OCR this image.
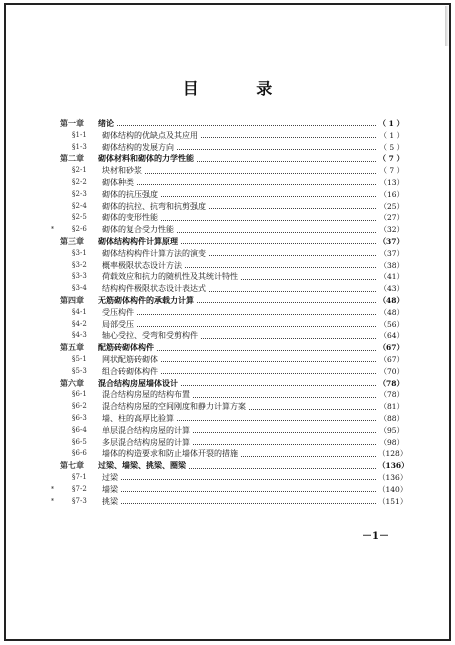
目 录
第一章	绪论	（ 1 ）
§1-1	砌体结构的优缺点及其应用	（ 1 ）
§1-3	砌体结构的发展方向	（ 5 ）
第二章	砌体材料和砌体的力学性能	（ 7 ）
§2-1	块材和砂浆	（ 7 ）
§2-2	砌体种类	（13）
§2-3	砌体的抗压强度	（16）
§2-4	砌体的抗拉、抗弯和抗剪强度	（25）
§2-5	砌体的变形性能	（27）
*	§2-6	砌体的复合受力性能	（32）
第三章	砌体结构构件计算原理	（37）
§3-1	砌体结构构件计算方法的演变	（37）
§3-2	概率极限状态设计方法	（38）
§3-3	荷载效应和抗力的随机性及其统计特性	（41）
§3-4	结构构件极限状态设计表达式	（43）
第四章	无筋砌体构件的承载力计算	（48）
§4-1	受压构件	（48）
§4-2	局部受压	（56）
§4-3	轴心受拉、受弯和受剪构件	（64）
第五章	配筋砖砌体构件	（67）
§5-1	网状配筋砖砌体	（67）
§5-3	组合砖砌体构件	（70）
第六章	混合结构房屋墙体设计	（78）
§6-1	混合结构房屋的结构布置	（78）
§6-2	混合结构房屋的空间刚度和静力计算方案	（81）
§6-3	墙、柱的高厚比验算	（88）
§6-4	单层混合结构房屋的计算	（95）
§6-5	多层混合结构房屋的计算	（98）
§6-6	墙体的构造要求和防止墙体开裂的措施	（128）
第七章	过梁、墙梁、挑梁、圈梁	（136）
§7-1	过梁	（136）
*	§7-2	墙梁	（140）
*	§7-3	挑梁	（151）
－1－
